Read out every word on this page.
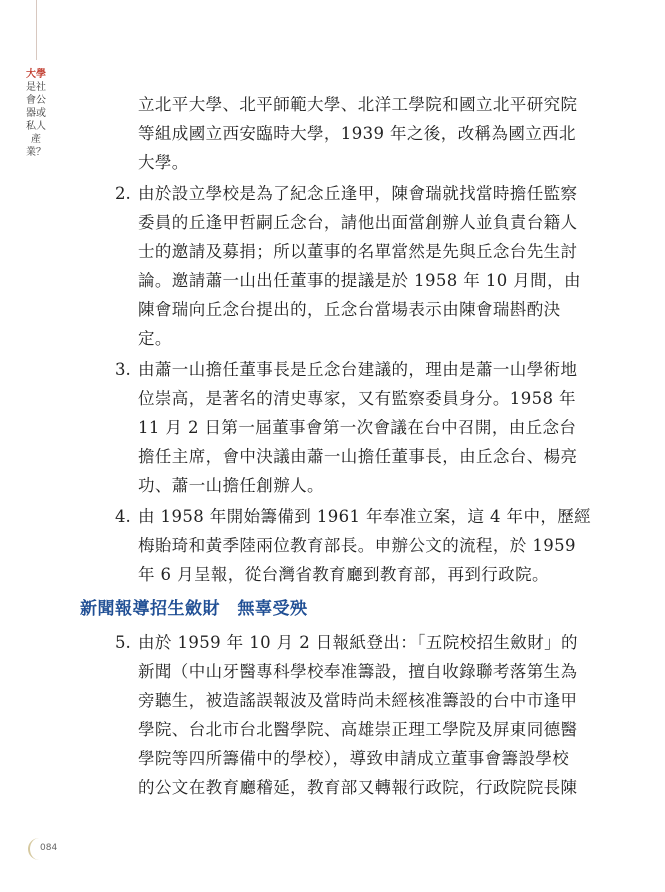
大學是社會公器或私人產業？
立北平大學、北平師範大學、北洋工學院和國立北平研究院
等組成國立西安臨時大學，1939 年之後，改稱為國立西北
大學。
2. 由於設立學校是為了紀念丘逢甲，陳會瑞就找當時擔任監察
委員的丘逢甲哲嗣丘念台，請他出面當創辦人並負責台籍人
士的邀請及募捐；所以董事的名單當然是先與丘念台先生討
論。邀請蕭一山出任董事的提議是於 1958 年 10 月間，由
陳會瑞向丘念台提出的，丘念台當場表示由陳會瑞斟酌決
定。
3. 由蕭一山擔任董事長是丘念台建議的，理由是蕭一山學術地
位崇高，是著名的清史專家，又有監察委員身分。1958 年
11 月 2 日第一屆董事會第一次會議在台中召開，由丘念台
擔任主席，會中決議由蕭一山擔任董事長，由丘念台、楊亮
功、蕭一山擔任創辦人。
4. 由 1958 年開始籌備到 1961 年奉准立案，這 4 年中，歷經
梅貽琦和黃季陸兩位教育部長。申辦公文的流程，於 1959
年 6 月呈報，從台灣省教育廳到教育部，再到行政院。
新聞報導招生斂財　無辜受殃
5. 由於 1959 年 10 月 2 日報紙登出：「五院校招生斂財」的
新聞（中山牙醫專科學校奉准籌設，擅自收錄聯考落第生為
旁聽生，被造謠誤報波及當時尚未經核准籌設的台中市逢甲
學院、台北市台北醫學院、高雄崇正理工學院及屏東同德醫
學院等四所籌備中的學校），導致申請成立董事會籌設學校
的公文在教育廳稽延，教育部又轉報行政院，行政院院長陳
084
